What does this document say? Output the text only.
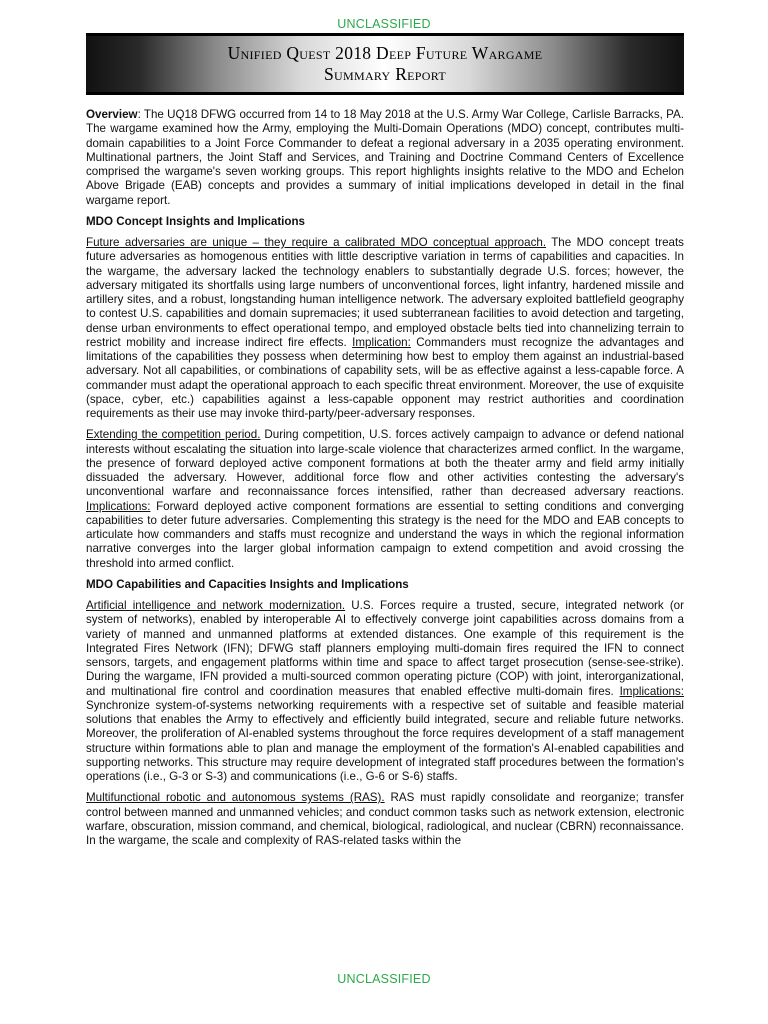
UNCLASSIFIED
Unified Quest 2018 Deep Future Wargame
Summary Report

Overview: The UQ18 DFWG occurred from 14 to 18 May 2018 at the U.S. Army War College, Carlisle Barracks, PA. The wargame examined how the Army, employing the Multi-Domain Operations (MDO) concept, contributes multi-domain capabilities to a Joint Force Commander to defeat a regional adversary in a 2035 operating environment. Multinational partners, the Joint Staff and Services, and Training and Doctrine Command Centers of Excellence comprised the wargame's seven working groups. This report highlights insights relative to the MDO and Echelon Above Brigade (EAB) concepts and provides a summary of initial implications developed in detail in the final wargame report.

MDO Concept Insights and Implications

Future adversaries are unique – they require a calibrated MDO conceptual approach. The MDO concept treats future adversaries as homogenous entities with little descriptive variation in terms of capabilities and capacities. In the wargame, the adversary lacked the technology enablers to substantially degrade U.S. forces; however, the adversary mitigated its shortfalls using large numbers of unconventional forces, light infantry, hardened missile and artillery sites, and a robust, longstanding human intelligence network. The adversary exploited battlefield geography to contest U.S. capabilities and domain supremacies; it used subterranean facilities to avoid detection and targeting, dense urban environments to effect operational tempo, and employed obstacle belts tied into channelizing terrain to restrict mobility and increase indirect fire effects. Implication: Commanders must recognize the advantages and limitations of the capabilities they possess when determining how best to employ them against an industrial-based adversary. Not all capabilities, or combinations of capability sets, will be as effective against a less-capable force. A commander must adapt the operational approach to each specific threat environment. Moreover, the use of exquisite (space, cyber, etc.) capabilities against a less-capable opponent may restrict authorities and coordination requirements as their use may invoke third-party/peer-adversary responses.

Extending the competition period. During competition, U.S. forces actively campaign to advance or defend national interests without escalating the situation into large-scale violence that characterizes armed conflict. In the wargame, the presence of forward deployed active component formations at both the theater army and field army initially dissuaded the adversary. However, additional force flow and other activities contesting the adversary's unconventional warfare and reconnaissance forces intensified, rather than decreased adversary reactions. Implications: Forward deployed active component formations are essential to setting conditions and converging capabilities to deter future adversaries. Complementing this strategy is the need for the MDO and EAB concepts to articulate how commanders and staffs must recognize and understand the ways in which the regional information narrative converges into the larger global information campaign to extend competition and avoid crossing the threshold into armed conflict.

MDO Capabilities and Capacities Insights and Implications

Artificial intelligence and network modernization. U.S. Forces require a trusted, secure, integrated network (or system of networks), enabled by interoperable AI to effectively converge joint capabilities across domains from a variety of manned and unmanned platforms at extended distances. One example of this requirement is the Integrated Fires Network (IFN); DFWG staff planners employing multi-domain fires required the IFN to connect sensors, targets, and engagement platforms within time and space to affect target prosecution (sense-see-strike). During the wargame, IFN provided a multi-sourced common operating picture (COP) with joint, interorganizational, and multinational fire control and coordination measures that enabled effective multi-domain fires. Implications: Synchronize system-of-systems networking requirements with a respective set of suitable and feasible material solutions that enables the Army to effectively and efficiently build integrated, secure and reliable future networks. Moreover, the proliferation of AI-enabled systems throughout the force requires development of a staff management structure within formations able to plan and manage the employment of the formation's AI-enabled capabilities and supporting networks. This structure may require development of integrated staff procedures between the formation's operations (i.e., G-3 or S-3) and communications (i.e., G-6 or S-6) staffs.

Multifunctional robotic and autonomous systems (RAS). RAS must rapidly consolidate and reorganize; transfer control between manned and unmanned vehicles; and conduct common tasks such as network extension, electronic warfare, obscuration, mission command, and chemical, biological, radiological, and nuclear (CBRN) reconnaissance. In the wargame, the scale and complexity of RAS-related tasks within the

UNCLASSIFIED
